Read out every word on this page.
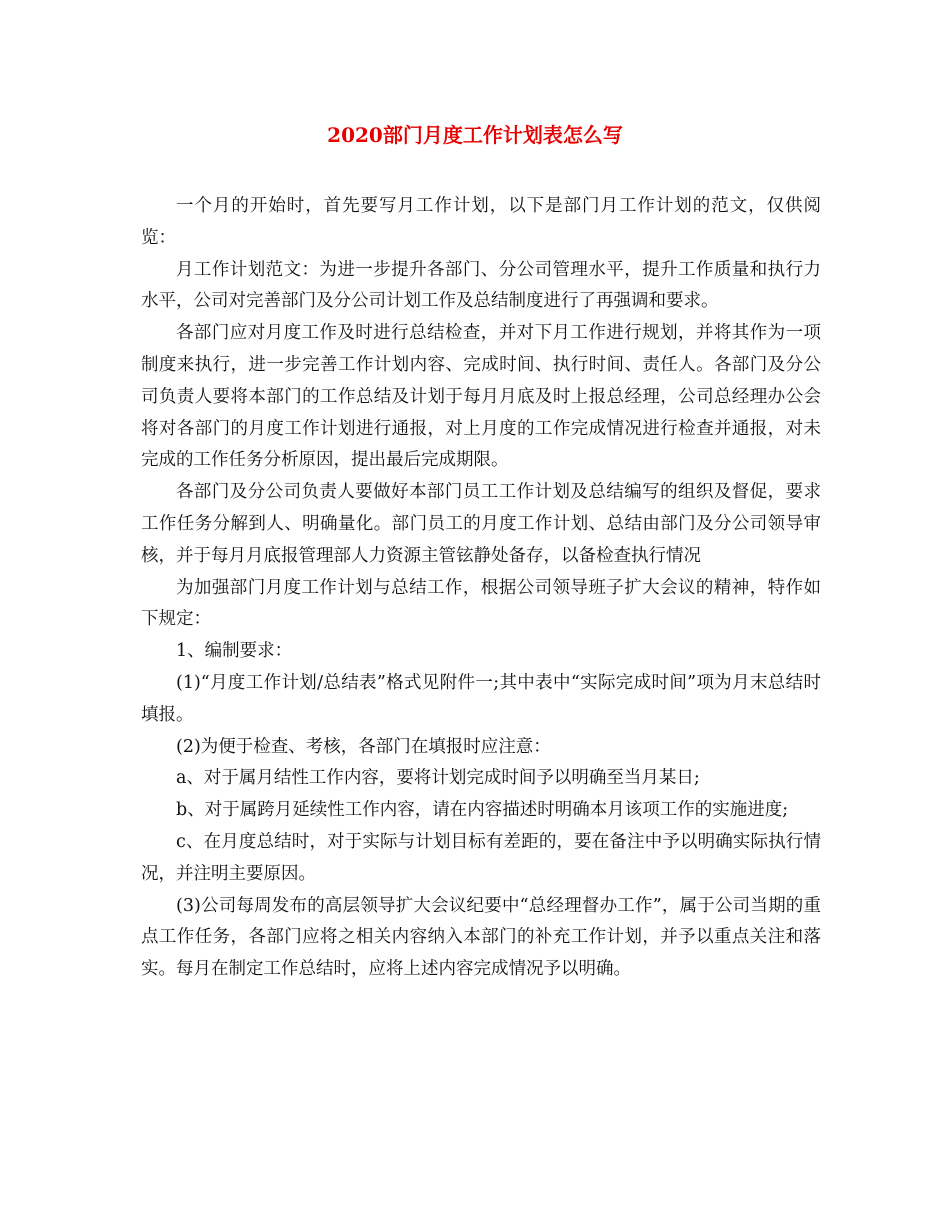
2020部门月度工作计划表怎么写

一个月的开始时，首先要写月工作计划，以下是部门月工作计划的范文，仅供阅览：

月工作计划范文：为进一步提升各部门、分公司管理水平，提升工作质量和执行力水平，公司对完善部门及分公司计划工作及总结制度进行了再强调和要求。

各部门应对月度工作及时进行总结检查，并对下月工作进行规划，并将其作为一项制度来执行，进一步完善工作计划内容、完成时间、执行时间、责任人。各部门及分公司负责人要将本部门的工作总结及计划于每月月底及时上报总经理，公司总经理办公会将对各部门的月度工作计划进行通报，对上月度的工作完成情况进行检查并通报，对未完成的工作任务分析原因，提出最后完成期限。

各部门及分公司负责人要做好本部门员工工作计划及总结编写的组织及督促，要求工作任务分解到人、明确量化。部门员工的月度工作计划、总结由部门及分公司领导审核，并于每月月底报管理部人力资源主管铉静处备存，以备检查执行情况

为加强部门月度工作计划与总结工作，根据公司领导班子扩大会议的精神，特作如下规定：

1、编制要求：

(1)“月度工作计划/总结表”格式见附件一;其中表中“实际完成时间”项为月末总结时填报。

(2)为便于检查、考核，各部门在填报时应注意：

a、对于属月结性工作内容，要将计划完成时间予以明确至当月某日;

b、对于属跨月延续性工作内容，请在内容描述时明确本月该项工作的实施进度;

c、在月度总结时，对于实际与计划目标有差距的，要在备注中予以明确实际执行情况，并注明主要原因。

(3)公司每周发布的高层领导扩大会议纪要中“总经理督办工作”，属于公司当期的重点工作任务，各部门应将之相关内容纳入本部门的补充工作计划，并予以重点关注和落实。每月在制定工作总结时，应将上述内容完成情况予以明确。
